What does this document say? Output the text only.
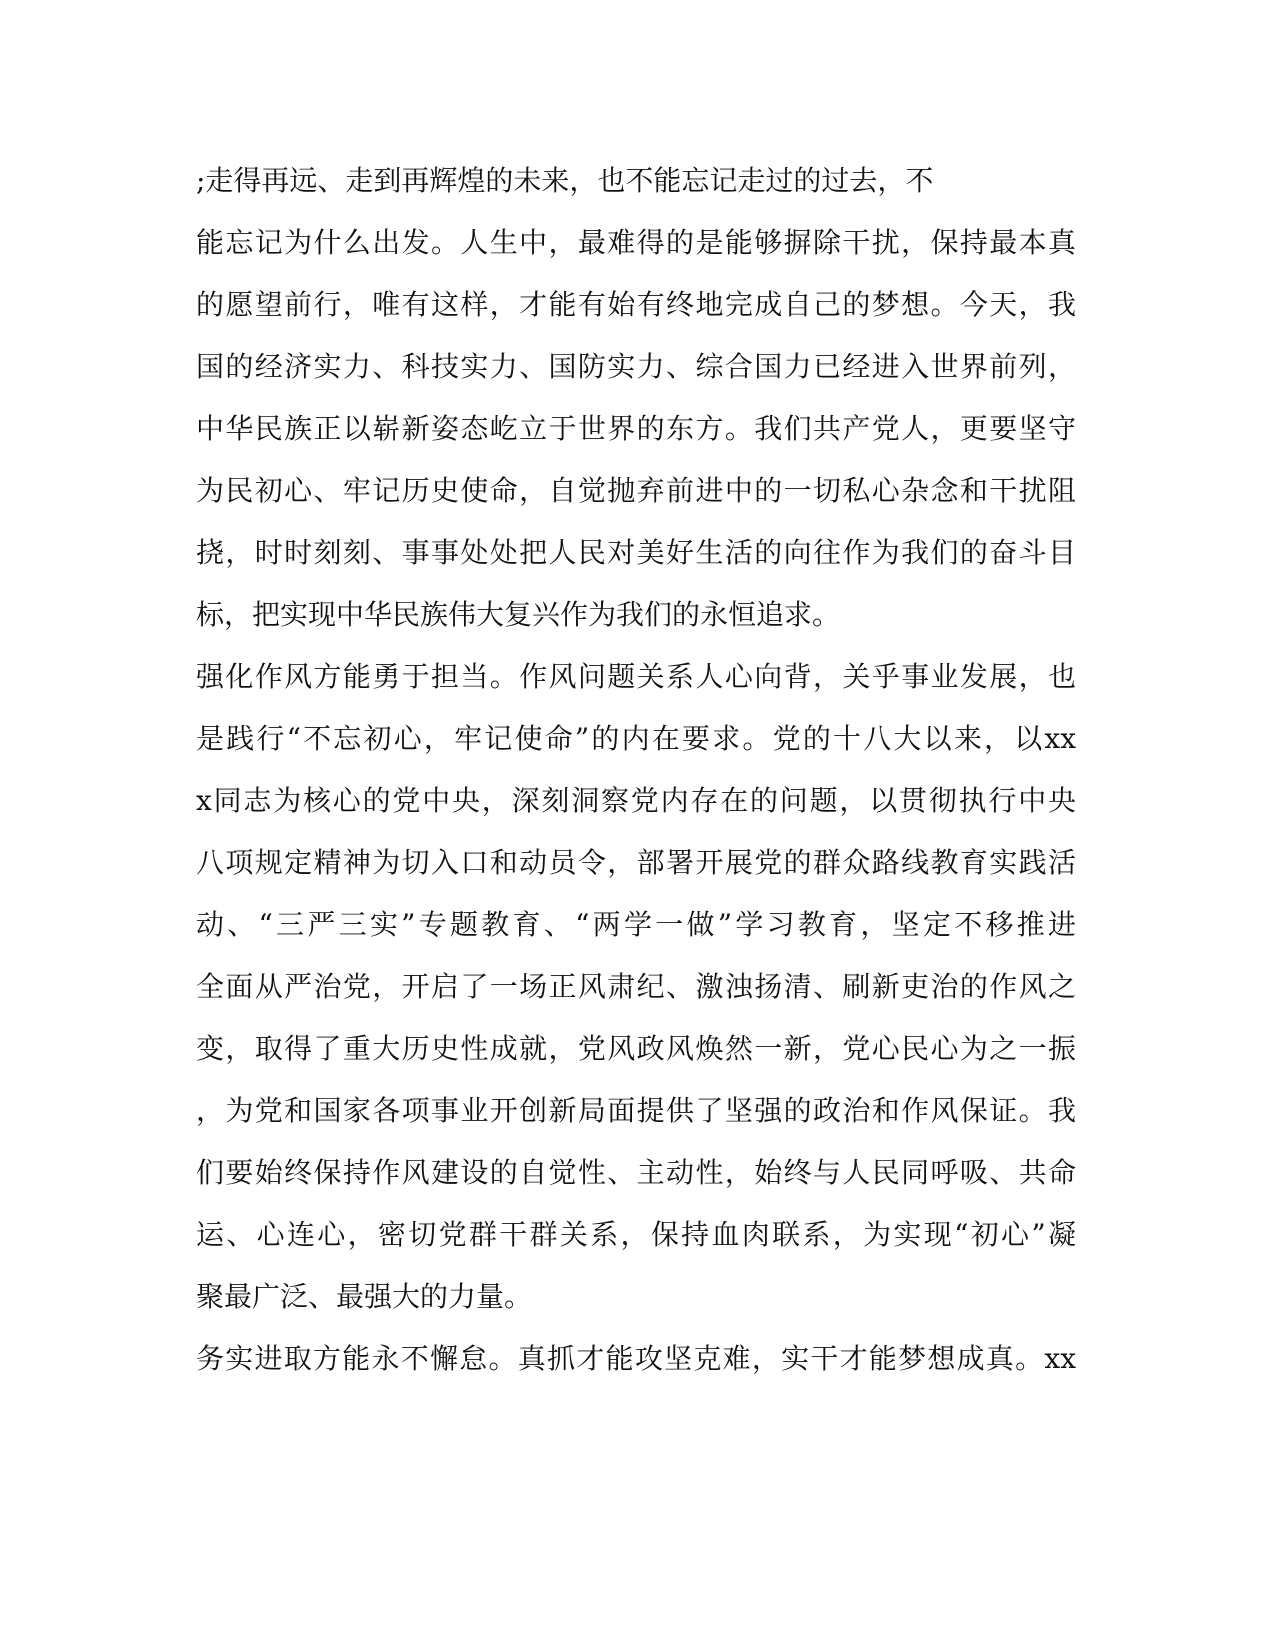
;走得再远、走到再辉煌的未来，也不能忘记走过的过去，不
能忘记为什么出发。人生中，最难得的是能够摒除干扰，保持最本真
的愿望前行，唯有这样，才能有始有终地完成自己的梦想。今天，我
国的经济实力、科技实力、国防实力、综合国力已经进入世界前列，
中华民族正以崭新姿态屹立于世界的东方。我们共产党人，更要坚守
为民初心、牢记历史使命，自觉抛弃前进中的一切私心杂念和干扰阻
挠，时时刻刻、事事处处把人民对美好生活的向往作为我们的奋斗目
标，把实现中华民族伟大复兴作为我们的永恒追求。
强化作风方能勇于担当。作风问题关系人心向背，关乎事业发展，也
是践行“不忘初心，牢记使命”的内在要求。党的十八大以来，以xx
x同志为核心的党中央，深刻洞察党内存在的问题，以贯彻执行中央
八项规定精神为切入口和动员令，部署开展党的群众路线教育实践活
动、“三严三实”专题教育、“两学一做”学习教育，坚定不移推进
全面从严治党，开启了一场正风肃纪、激浊扬清、刷新吏治的作风之
变，取得了重大历史性成就，党风政风焕然一新，党心民心为之一振
，为党和国家各项事业开创新局面提供了坚强的政治和作风保证。我
们要始终保持作风建设的自觉性、主动性，始终与人民同呼吸、共命
运、心连心，密切党群干群关系，保持血肉联系，为实现“初心”凝
聚最广泛、最强大的力量。
务实进取方能永不懈怠。真抓才能攻坚克难，实干才能梦想成真。xx
